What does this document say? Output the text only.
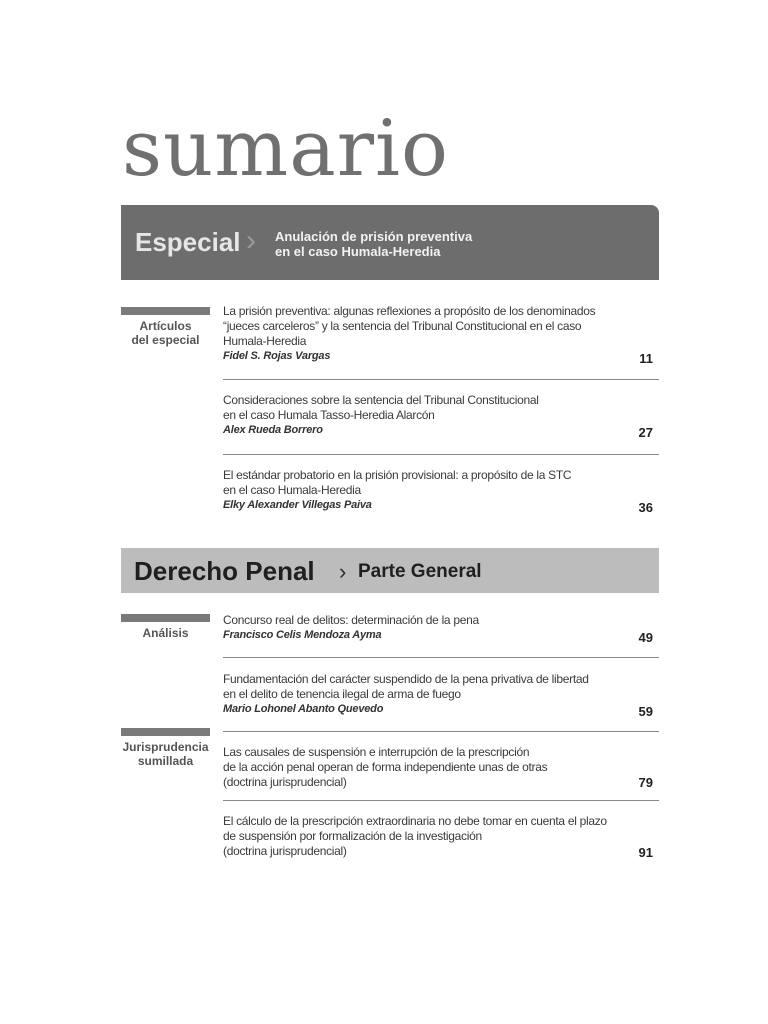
sumario
Especial › Anulación de prisión preventiva
en el caso Humala-Heredia
Artículos
del especial
La prisión preventiva: algunas reflexiones a propósito de los denominados
“jueces carceleros” y la sentencia del Tribunal Constitucional en el caso
Humala-Heredia
Fidel S. Rojas Vargas	11
Consideraciones sobre la sentencia del Tribunal Constitucional
en el caso Humala Tasso-Heredia Alarcón
Alex Rueda Borrero	27
El estándar probatorio en la prisión provisional: a propósito de la STC
en el caso Humala-Heredia
Elky Alexander Villegas Paiva	36
Derecho Penal › Parte General
Análisis
Concurso real de delitos: determinación de la pena
Francisco Celis Mendoza Ayma	49
Fundamentación del carácter suspendido de la pena privativa de libertad
en el delito de tenencia ilegal de arma de fuego
Mario Lohonel Abanto Quevedo	59
Jurisprudencia
sumillada
Las causales de suspensión e interrupción de la prescripción
de la acción penal operan de forma independiente unas de otras
(doctrina jurisprudencial)	79
El cálculo de la prescripción extraordinaria no debe tomar en cuenta el plazo
de suspensión por formalización de la investigación
(doctrina jurisprudencial)	91
